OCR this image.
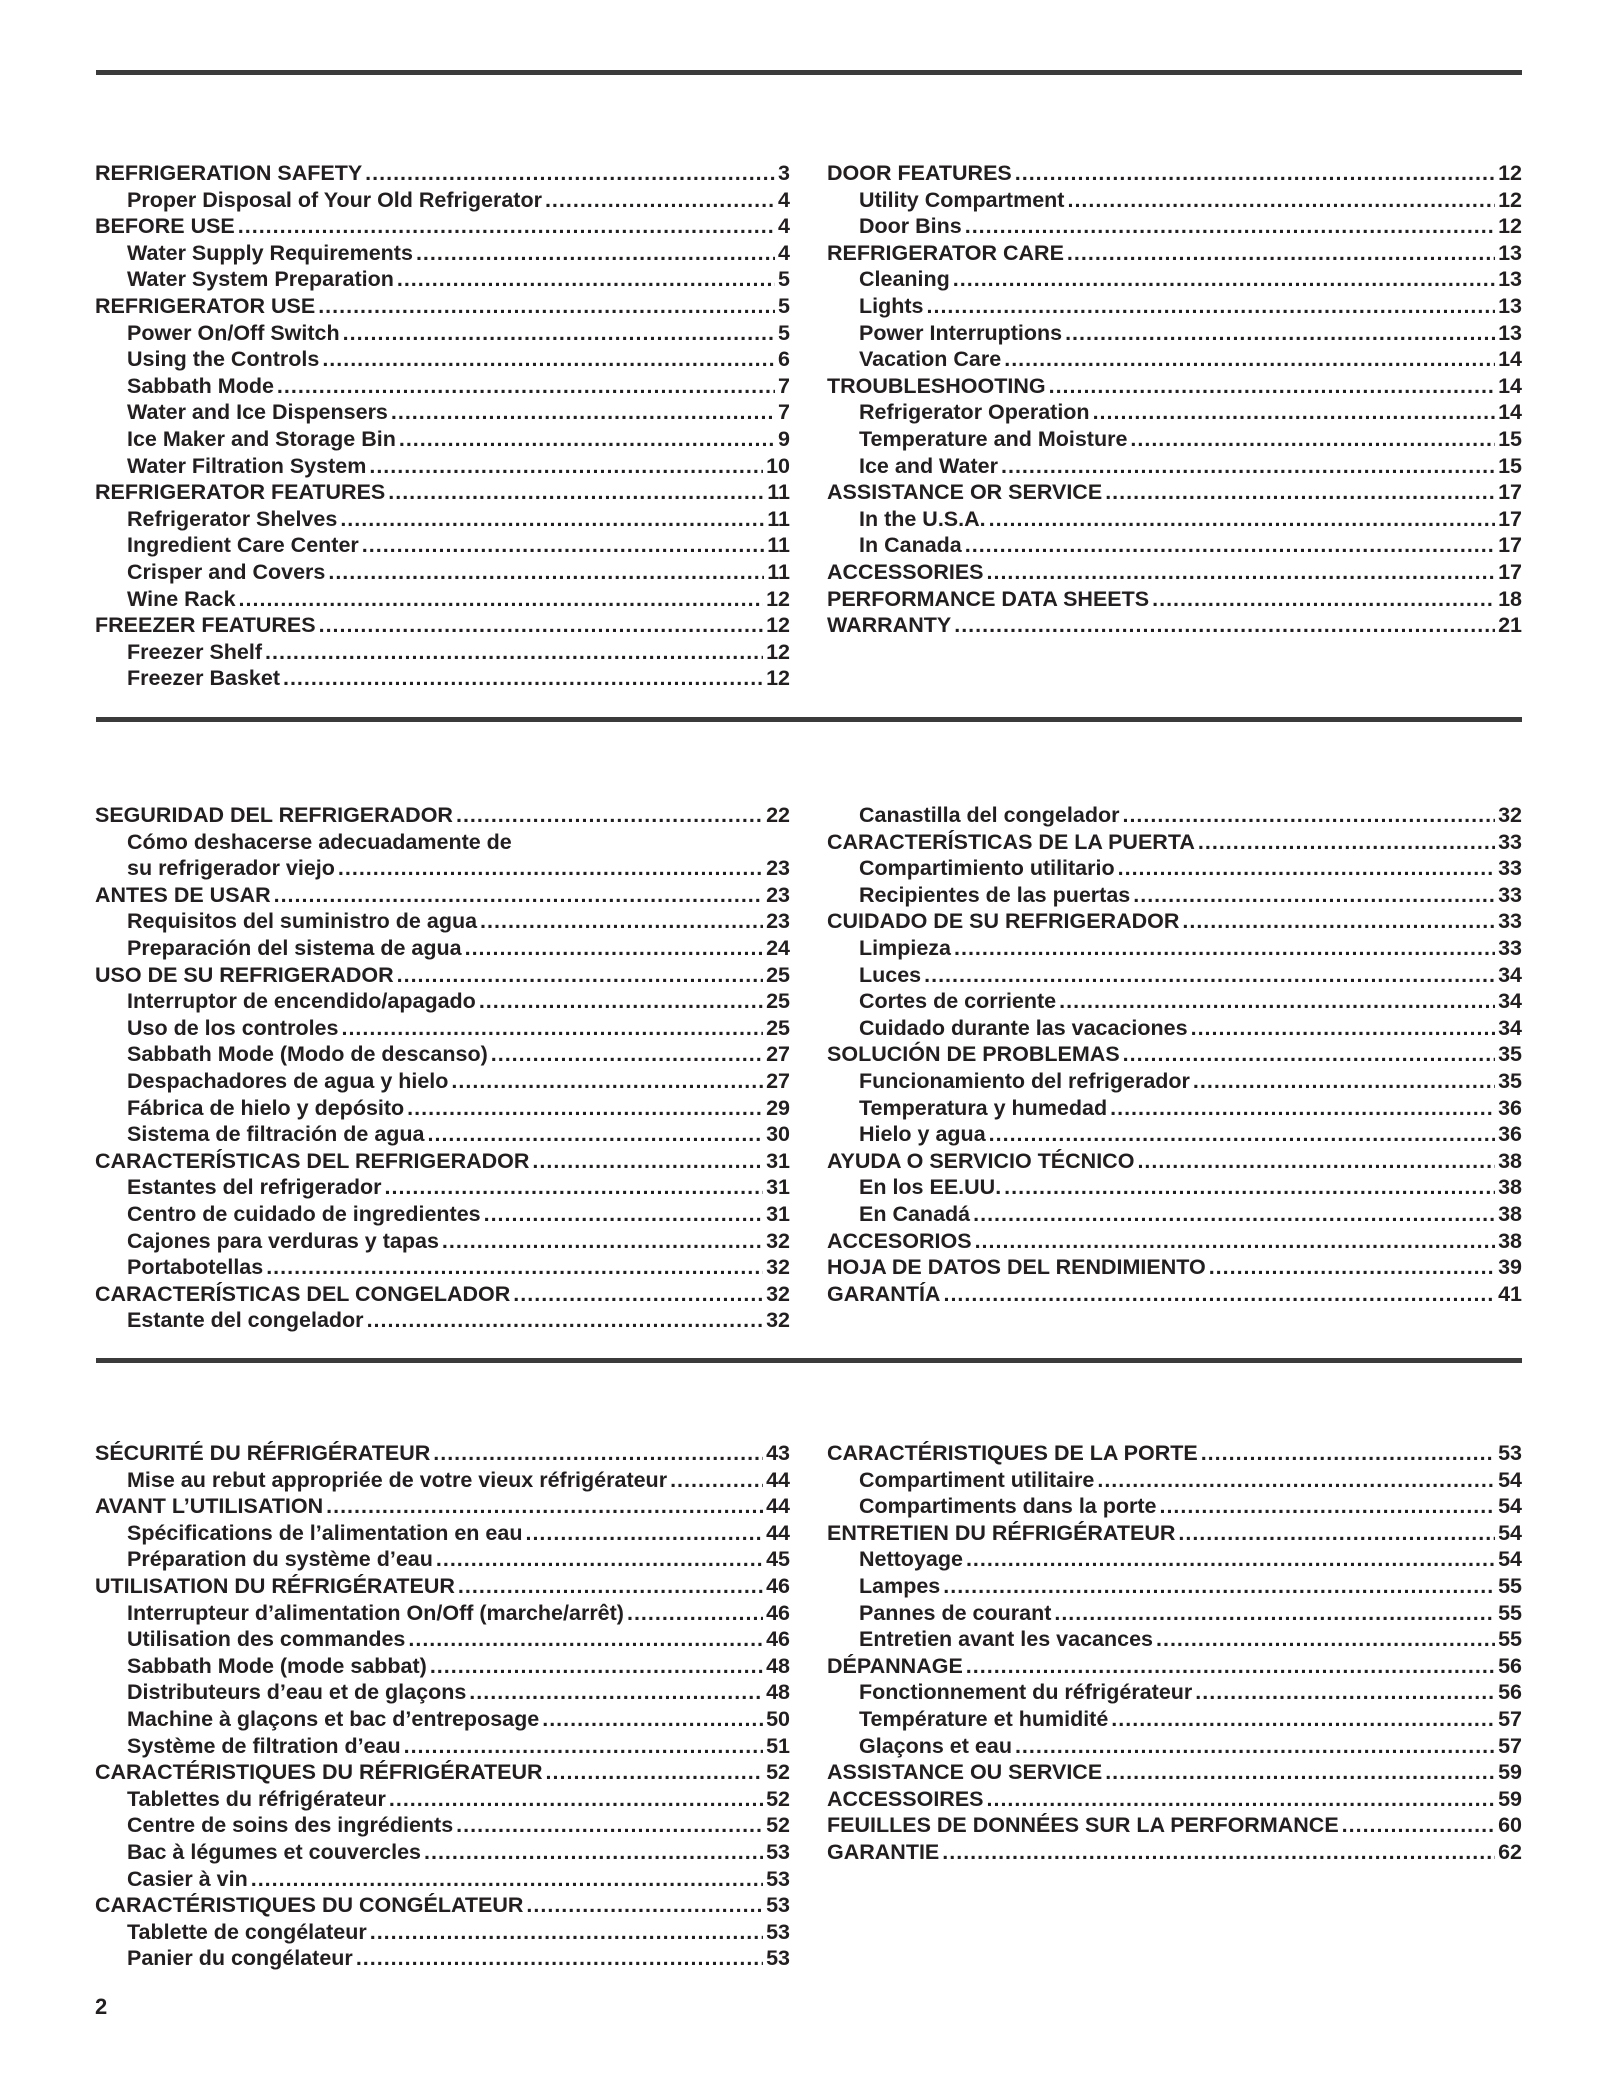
REFRIGERATION SAFETY .....	3
Proper Disposal of Your Old Refrigerator .....	4
BEFORE USE .....	4
Water Supply Requirements .....	4
Water System Preparation .....	5
REFRIGERATOR USE .....	5
Power On/Off Switch .....	5
Using the Controls .....	6
Sabbath Mode .....	7
Water and Ice Dispensers .....	7
Ice Maker and Storage Bin .....	9
Water Filtration System .....	10
REFRIGERATOR FEATURES .....	11
Refrigerator Shelves .....	11
Ingredient Care Center .....	11
Crisper and Covers .....	11
Wine Rack .....	12
FREEZER FEATURES .....	12
Freezer Shelf .....	12
Freezer Basket .....	12
DOOR FEATURES .....	12
Utility Compartment .....	12
Door Bins .....	12
REFRIGERATOR CARE .....	13
Cleaning .....	13
Lights .....	13
Power Interruptions .....	13
Vacation Care .....	14
TROUBLESHOOTING .....	14
Refrigerator Operation .....	14
Temperature and Moisture .....	15
Ice and Water .....	15
ASSISTANCE OR SERVICE .....	17
In the U.S.A. .....	17
In Canada .....	17
ACCESSORIES .....	17
PERFORMANCE DATA SHEETS .....	18
WARRANTY .....	21
SEGURIDAD DEL REFRIGERADOR .....	22
Cómo deshacerse adecuadamente de
su refrigerador viejo .....	23
ANTES DE USAR .....	23
Requisitos del suministro de agua .....	23
Preparación del sistema de agua .....	24
USO DE SU REFRIGERADOR .....	25
Interruptor de encendido/apagado .....	25
Uso de los controles .....	25
Sabbath Mode (Modo de descanso) .....	27
Despachadores de agua y hielo .....	27
Fábrica de hielo y depósito .....	29
Sistema de filtración de agua .....	30
CARACTERÍSTICAS DEL REFRIGERADOR .....	31
Estantes del refrigerador .....	31
Centro de cuidado de ingredientes .....	31
Cajones para verduras y tapas .....	32
Portabotellas .....	32
CARACTERÍSTICAS DEL CONGELADOR .....	32
Estante del congelador .....	32
Canastilla del congelador .....	32
CARACTERÍSTICAS DE LA PUERTA .....	33
Compartimiento utilitario .....	33
Recipientes de las puertas .....	33
CUIDADO DE SU REFRIGERADOR .....	33
Limpieza .....	33
Luces .....	34
Cortes de corriente .....	34
Cuidado durante las vacaciones .....	34
SOLUCIÓN DE PROBLEMAS .....	35
Funcionamiento del refrigerador .....	35
Temperatura y humedad .....	36
Hielo y agua .....	36
AYUDA O SERVICIO TÉCNICO .....	38
En los EE.UU. .....	38
En Canadá .....	38
ACCESORIOS .....	38
HOJA DE DATOS DEL RENDIMIENTO .....	39
GARANTÍA .....	41
SÉCURITÉ DU RÉFRIGÉRATEUR .....	43
Mise au rebut appropriée de votre vieux réfrigérateur .....	44
AVANT L’UTILISATION .....	44
Spécifications de l’alimentation en eau .....	44
Préparation du système d’eau .....	45
UTILISATION DU RÉFRIGÉRATEUR .....	46
Interrupteur d’alimentation On/Off (marche/arrêt) .....	46
Utilisation des commandes .....	46
Sabbath Mode (mode sabbat) .....	48
Distributeurs d’eau et de glaçons .....	48
Machine à glaçons et bac d’entreposage .....	50
Système de filtration d’eau .....	51
CARACTÉRISTIQUES DU RÉFRIGÉRATEUR .....	52
Tablettes du réfrigérateur .....	52
Centre de soins des ingrédients .....	52
Bac à légumes et couvercles .....	53
Casier à vin .....	53
CARACTÉRISTIQUES DU CONGÉLATEUR .....	53
Tablette de congélateur .....	53
Panier du congélateur .....	53
CARACTÉRISTIQUES DE LA PORTE .....	53
Compartiment utilitaire .....	54
Compartiments dans la porte .....	54
ENTRETIEN DU RÉFRIGÉRATEUR .....	54
Nettoyage .....	54
Lampes .....	55
Pannes de courant .....	55
Entretien avant les vacances .....	55
DÉPANNAGE .....	56
Fonctionnement du réfrigérateur .....	56
Température et humidité .....	57
Glaçons et eau .....	57
ASSISTANCE OU SERVICE .....	59
ACCESSOIRES .....	59
FEUILLES DE DONNÉES SUR LA PERFORMANCE .....	60
GARANTIE .....	62
2
